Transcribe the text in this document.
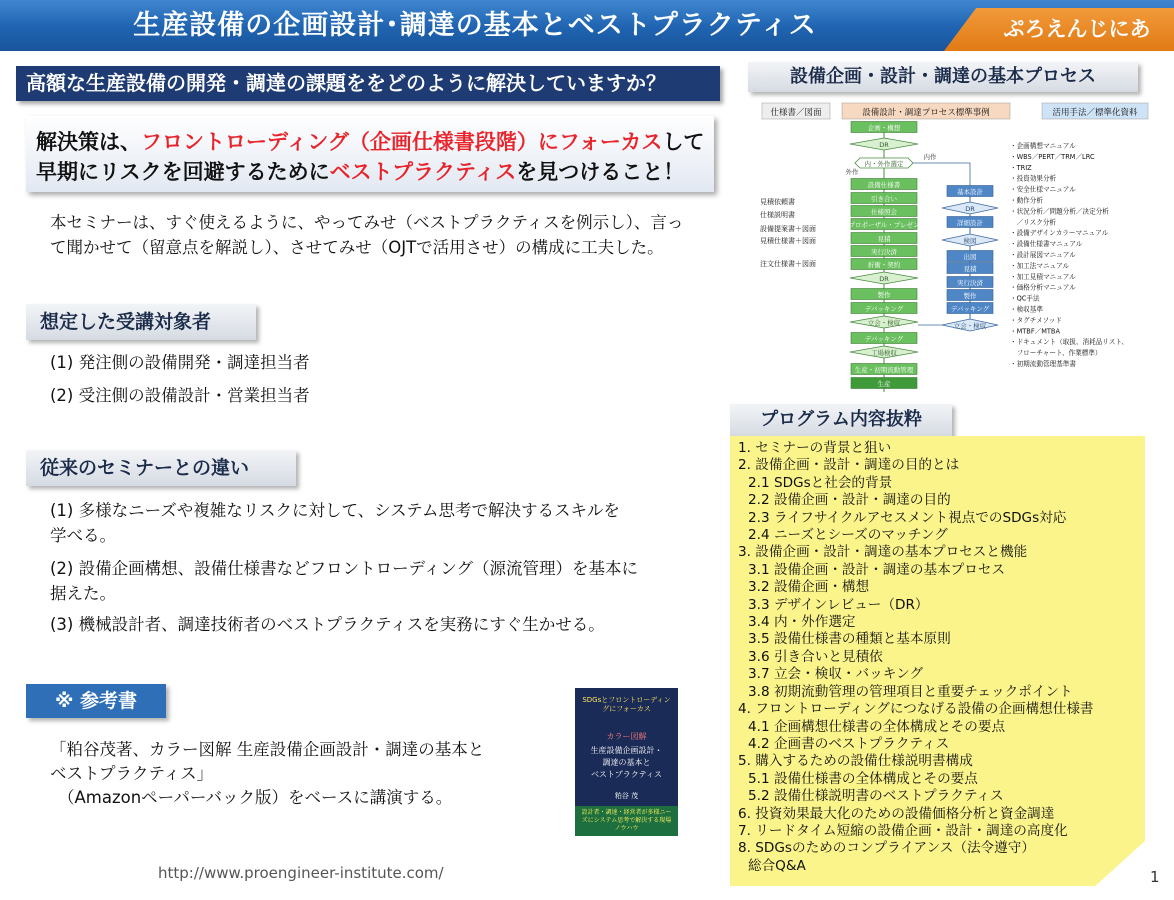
生産設備の企画設計･調達の基本とベストプラクティス	ぷろえんじにあ
高額な生産設備の開発・調達の課題ををどのように解決していますか？
解決策は、フロントローディング（企画仕様書段階）にフォーカスして
早期にリスクを回避するためにベストプラクティスを見つけること！
本セミナーは、すぐ使えるように、やってみせ（ベストプラクティスを例示し）、言っ
て聞かせて（留意点を解説し）、させてみせ（OJTで活用させ）の構成に工夫した。
想定した受講対象者
(1) 発注側の設備開発・調達担当者
(2) 受注側の設備設計・営業担当者
従来のセミナーとの違い
(1) 多様なニーズや複雑なリスクに対して、システム思考で解決するスキルを
学べる。
(2) 設備企画構想、設備仕様書などフロントローディング（源流管理）を基本に
据えた。
(3) 機械設計者、調達技術者のベストプラクティスを実務にすぐ生かせる。
※ 参考書
「粕谷茂著、カラー図解 生産設備企画設計・調達の基本と
ベストプラクティス」
（Amazonペーパーバック版）をベースに講演する。
SDGsとフロントローディングにフォーカス
カラー図解
生産設備企画設計・
調達の基本と
ベストプラクティス
粕谷 茂
設計者・調達・経営者が多様ニーズにシステム思考で解決する現場ノウハウ
http://www.proengineer-institute.com/
設備企画・設計・調達の基本プロセス
仕様書／図面	設備設計・調達プロセス標準事例	活用手法／標準化資料
企画・構想
DR
内・外作選定
設備仕様書
引き合い
仕様照会
プロポーザル・プレゼン
見積
実行決済
折衝・契約
DR
製作
デバッキング
立会・検収
デバッキング
工場検収
生産・初期流動管理
生産
基本設計
DR
詳細設計
検図
出図
見積
実行決済
製作
デバッキング
立会・検収
見積依頼書
仕様説明書
設備提案書＋図面
見積仕様書＋図面
注文仕様書＋図面
・企画構想マニュアル
・WBS／PERT／TRM／LRC
・TRIZ
・投資効果分析
・安全仕様マニュアル
・動作分析
・状況分析／問題分析／決定分析
　／リスク分析
・設備デザインカラーマニュアル
・設備仕様書マニュアル
・設計展図マニュアル
・加工法マニュアル
・加工見積マニュアル
・価格分析マニュアル
・QC手法
・検収基準
・タグチメソッド
・MTBF／MTBA
・ドキュメント（取扱、消耗品リスト、
　フローチャート、作業標準）
・初期流動管理基準書
外作
内作
プログラム内容抜粋
1. セミナーの背景と狙い
2. 設備企画・設計・調達の目的とは
2.1 SDGsと社会的背景
2.2 設備企画・設計・調達の目的
2.3 ライフサイクルアセスメント視点でのSDGs対応
2.4 ニーズとシーズのマッチング
3. 設備企画・設計・調達の基本プロセスと機能
3.1 設備企画・設計・調達の基本プロセス
3.2 設備企画・構想
3.3 デザインレビュー（DR）
3.4 内・外作選定
3.5 設備仕様書の種類と基本原則
3.6 引き合いと見積依
3.7 立会・検収・バッキング
3.8 初期流動管理の管理項目と重要チェックポイント
4. フロントローディングにつなげる設備の企画構想仕様書
4.1 企画構想仕様書の全体構成とその要点
4.2 企画書のベストプラクティス
5. 購入するための設備仕様説明書構成
5.1 設備仕様書の全体構成とその要点
5.2 設備仕様説明書のベストプラクティス
6. 投資効果最大化のための設備価格分析と資金調達
7. リードタイム短縮の設備企画・設計・調達の高度化
8. SDGsのためのコンプライアンス（法令遵守）
総合Q&A
1
